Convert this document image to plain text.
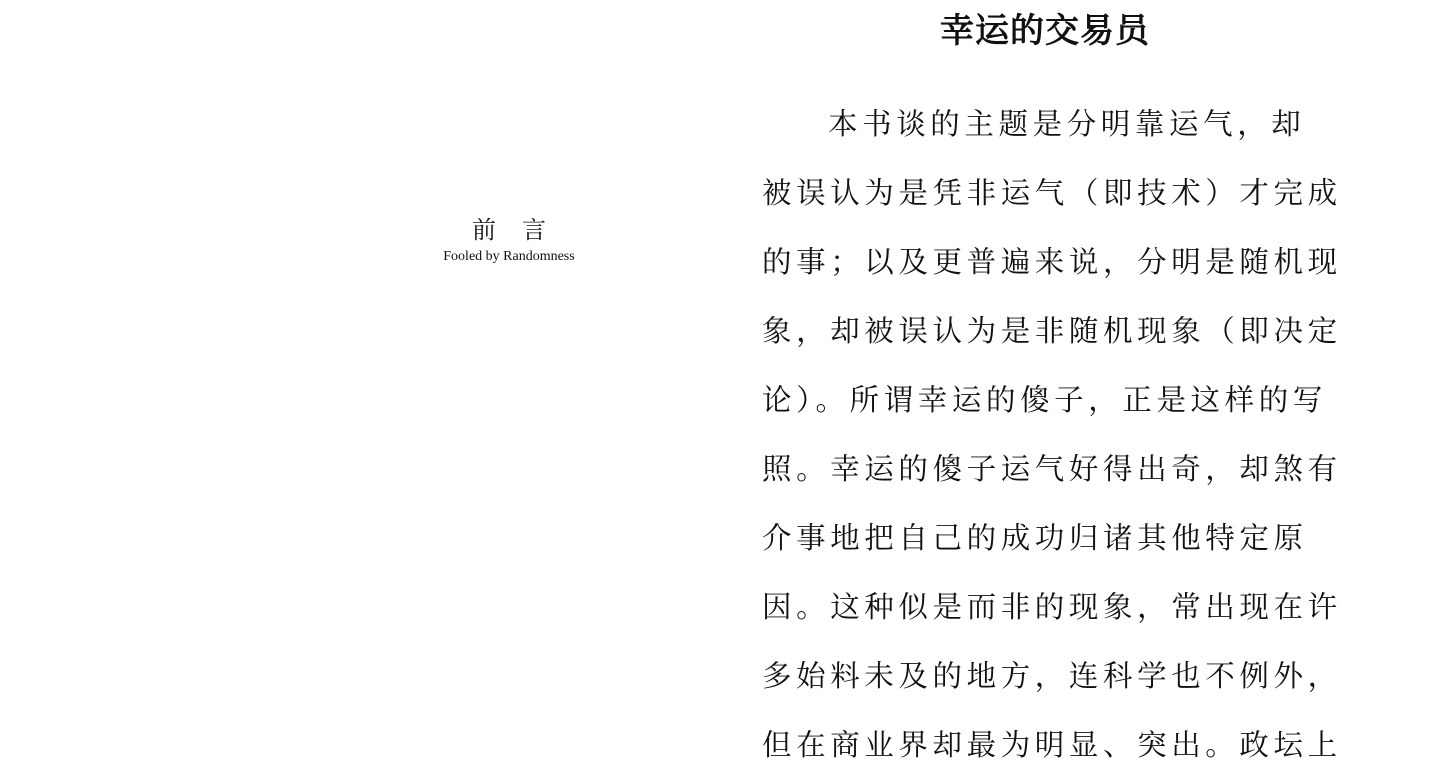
前言
Fooled by Randomness
幸运的交易员
本书谈的主题是分明靠运气，却
被误认为是凭非运气（即技术）才完成
的事；以及更普遍来说，分明是随机现
象，却被误认为是非随机现象（即决定
论）。所谓幸运的傻子，正是这样的写
照。幸运的傻子运气好得出奇，却煞有
介事地把自己的成功归诸其他特定原
因。这种似是而非的现象，常出现在许
多始料未及的地方，连科学也不例外，
但在商业界却最为明显、突出。政坛上
